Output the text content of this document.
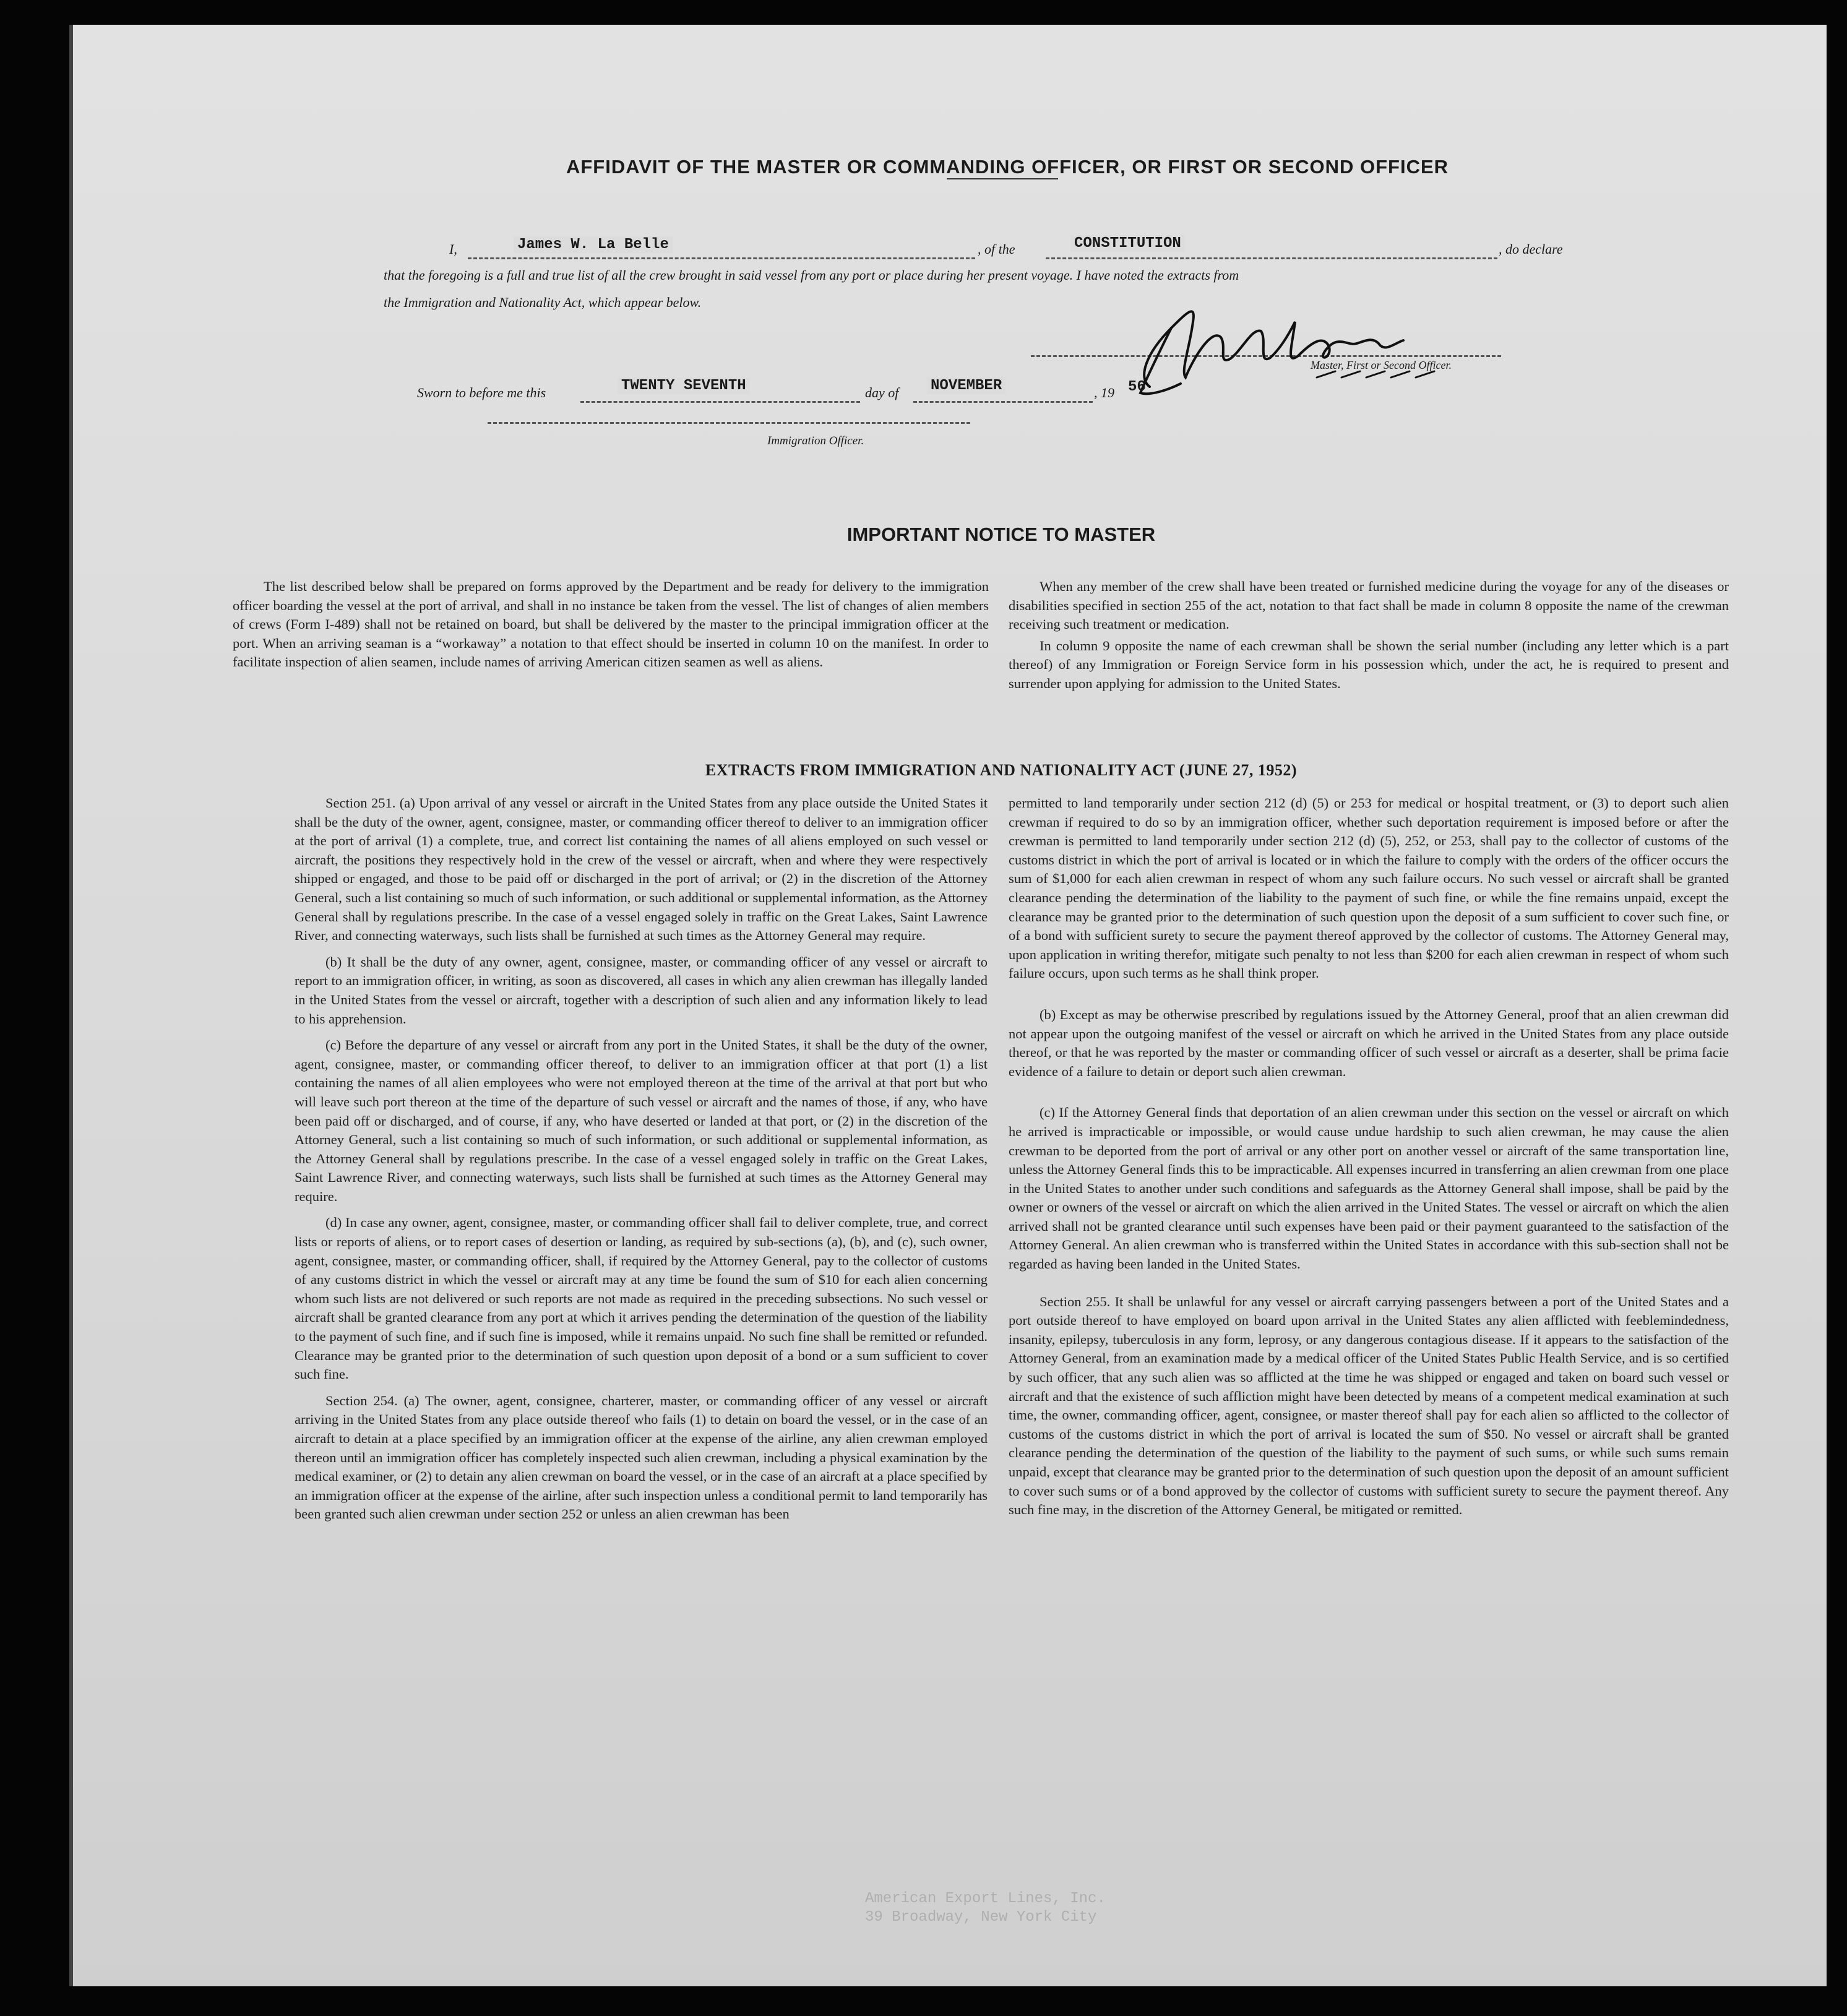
American Export Lines, Inc.
39 Broadway, New York City
AFFIDAVIT OF THE MASTER OR COMMANDING OFFICER, OR FIRST OR SECOND OFFICER
I,	James W. La Belle	, of the	CONSTITUTION	, do declare
that the foregoing is a full and true list of all the crew brought in said vessel from any port or place during her present voyage. I have noted the extracts from
the Immigration and Nationality Act, which appear below.
Master, First or Second Officer.
Sworn to before me this	TWENTY SEVENTH	day of NOVEMBER	, 19 56
Immigration Officer.
IMPORTANT NOTICE TO MASTER

The list described below shall be prepared on forms approved by the Department and be ready for delivery to the immigration officer boarding the vessel at the port of arrival, and shall in no instance be taken from the vessel. The list of changes of alien members of crews (Form I-489) shall not be retained on board, but shall be delivered by the master to the principal immigration officer at the port. When an arriving seaman is a “workaway” a notation to that effect should be inserted in column 10 on the manifest. In order to facilitate inspection of alien seamen, include names of arriving American citizen seamen as well as aliens.

When any member of the crew shall have been treated or furnished medicine during the voyage for any of the diseases or disabilities specified in section 255 of the act, notation to that fact shall be made in column 8 opposite the name of the crewman receiving such treatment or medication.

In column 9 opposite the name of each crewman shall be shown the serial number (including any letter which is a part thereof) of any Immigration or Foreign Service form in his possession which, under the act, he is required to present and surrender upon applying for admission to the United States.

EXTRACTS FROM IMMIGRATION AND NATIONALITY ACT (JUNE 27, 1952)

Section 251. (a) Upon arrival of any vessel or aircraft in the United States from any place outside the United States it shall be the duty of the owner, agent, consignee, master, or commanding officer thereof to deliver to an immigration officer at the port of arrival (1) a complete, true, and correct list containing the names of all aliens employed on such vessel or aircraft, the positions they respectively hold in the crew of the vessel or aircraft, when and where they were respectively shipped or engaged, and those to be paid off or discharged in the port of arrival; or (2) in the discretion of the Attorney General, such a list containing so much of such information, or such additional or supplemental information, as the Attorney General shall by regulations prescribe. In the case of a vessel engaged solely in traffic on the Great Lakes, Saint Lawrence River, and connecting waterways, such lists shall be furnished at such times as the Attorney General may require.

(b) It shall be the duty of any owner, agent, consignee, master, or commanding officer of any vessel or aircraft to report to an immigration officer, in writing, as soon as discovered, all cases in which any alien crewman has illegally landed in the United States from the vessel or aircraft, together with a description of such alien and any information likely to lead to his apprehension.

(c) Before the departure of any vessel or aircraft from any port in the United States, it shall be the duty of the owner, agent, consignee, master, or commanding officer thereof, to deliver to an immigration officer at that port (1) a list containing the names of all alien employees who were not employed thereon at the time of the arrival at that port but who will leave such port thereon at the time of the departure of such vessel or aircraft and the names of those, if any, who have been paid off or discharged, and of course, if any, who have deserted or landed at that port, or (2) in the discretion of the Attorney General, such a list containing so much of such information, or such additional or supplemental information, as the Attorney General shall by regulations prescribe. In the case of a vessel engaged solely in traffic on the Great Lakes, Saint Lawrence River, and connecting waterways, such lists shall be furnished at such times as the Attorney General may require.

(d) In case any owner, agent, consignee, master, or commanding officer shall fail to deliver complete, true, and correct lists or reports of aliens, or to report cases of desertion or landing, as required by sub-sections (a), (b), and (c), such owner, agent, consignee, master, or commanding officer, shall, if required by the Attorney General, pay to the collector of customs of any customs district in which the vessel or aircraft may at any time be found the sum of $10 for each alien concerning whom such lists are not delivered or such reports are not made as required in the preceding subsections. No such vessel or aircraft shall be granted clearance from any port at which it arrives pending the determination of the question of the liability to the payment of such fine, and if such fine is imposed, while it remains unpaid. No such fine shall be remitted or refunded. Clearance may be granted prior to the determination of such question upon deposit of a bond or a sum sufficient to cover such fine.

Section 254. (a) The owner, agent, consignee, charterer, master, or commanding officer of any vessel or aircraft arriving in the United States from any place outside thereof who fails (1) to detain on board the vessel, or in the case of an aircraft to detain at a place specified by an immigration officer at the expense of the airline, any alien crewman employed thereon until an immigration officer has completely inspected such alien crewman, including a physical examination by the medical examiner, or (2) to detain any alien crewman on board the vessel, or in the case of an aircraft at a place specified by an immigration officer at the expense of the airline, after such inspection unless a conditional permit to land temporarily has been granted such alien crewman under section 252 or unless an alien crewman has been

permitted to land temporarily under section 212 (d) (5) or 253 for medical or hospital treatment, or (3) to deport such alien crewman if required to do so by an immigration officer, whether such deportation requirement is imposed before or after the crewman is permitted to land temporarily under section 212 (d) (5), 252, or 253, shall pay to the collector of customs of the customs district in which the port of arrival is located or in which the failure to comply with the orders of the officer occurs the sum of $1,000 for each alien crewman in respect of whom any such failure occurs. No such vessel or aircraft shall be granted clearance pending the determination of the liability to the payment of such fine, or while the fine remains unpaid, except the clearance may be granted prior to the determination of such question upon the deposit of a sum sufficient to cover such fine, or of a bond with sufficient surety to secure the payment thereof approved by the collector of customs. The Attorney General may, upon application in writing therefor, mitigate such penalty to not less than $200 for each alien crewman in respect of whom such failure occurs, upon such terms as he shall think proper.

(b) Except as may be otherwise prescribed by regulations issued by the Attorney General, proof that an alien crewman did not appear upon the outgoing manifest of the vessel or aircraft on which he arrived in the United States from any place outside thereof, or that he was reported by the master or commanding officer of such vessel or aircraft as a deserter, shall be prima facie evidence of a failure to detain or deport such alien crewman.

(c) If the Attorney General finds that deportation of an alien crewman under this section on the vessel or aircraft on which he arrived is impracticable or impossible, or would cause undue hardship to such alien crewman, he may cause the alien crewman to be deported from the port of arrival or any other port on another vessel or aircraft of the same transportation line, unless the Attorney General finds this to be impracticable. All expenses incurred in transferring an alien crewman from one place in the United States to another under such conditions and safeguards as the Attorney General shall impose, shall be paid by the owner or owners of the vessel or aircraft on which the alien arrived in the United States. The vessel or aircraft on which the alien arrived shall not be granted clearance until such expenses have been paid or their payment guaranteed to the satisfaction of the Attorney General. An alien crewman who is transferred within the United States in accordance with this sub-section shall not be regarded as having been landed in the United States.

Section 255. It shall be unlawful for any vessel or aircraft carrying passengers between a port of the United States and a port outside thereof to have employed on board upon arrival in the United States any alien afflicted with feeblemindedness, insanity, epilepsy, tuberculosis in any form, leprosy, or any dangerous contagious disease. If it appears to the satisfaction of the Attorney General, from an examination made by a medical officer of the United States Public Health Service, and is so certified by such officer, that any such alien was so afflicted at the time he was shipped or engaged and taken on board such vessel or aircraft and that the existence of such affliction might have been detected by means of a competent medical examination at such time, the owner, commanding officer, agent, consignee, or master thereof shall pay for each alien so afflicted to the collector of customs of the customs district in which the port of arrival is located the sum of $50. No vessel or aircraft shall be granted clearance pending the determination of the question of the liability to the payment of such sums, or while such sums remain unpaid, except that clearance may be granted prior to the determination of such question upon the deposit of an amount sufficient to cover such sums or of a bond approved by the collector of customs with sufficient surety to secure the payment thereof. Any such fine may, in the discretion of the Attorney General, be mitigated or remitted.
